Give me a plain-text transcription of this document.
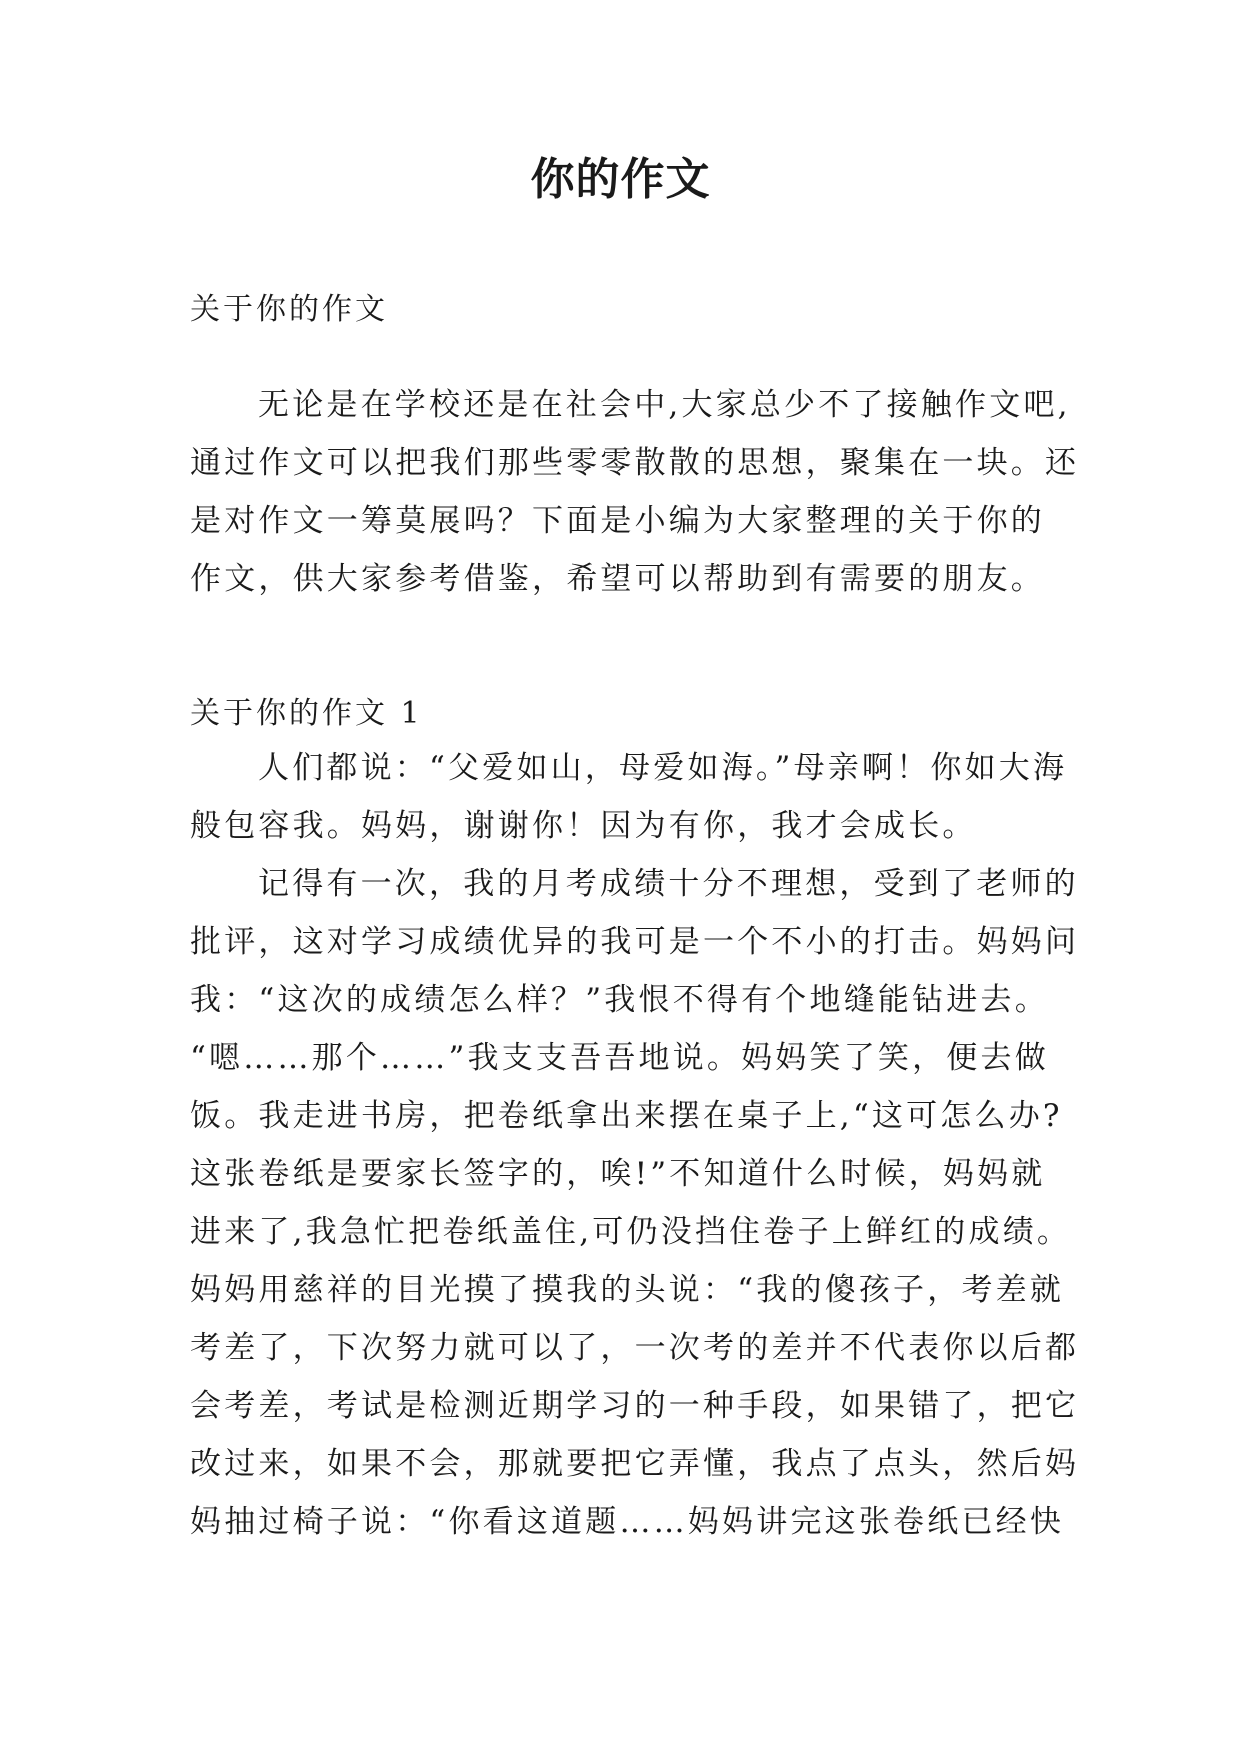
你的作文
关于你的作文
无论是在学校还是在社会中,大家总少不了接触作文吧,
通过作文可以把我们那些零零散散的思想，聚集在一块。还
是对作文一筹莫展吗？下面是小编为大家整理的关于你的
作文，供大家参考借鉴，希望可以帮助到有需要的朋友。
关于你的作文 1
人们都说：“父爱如山，母爱如海。”母亲啊！你如大海
般包容我。妈妈，谢谢你！因为有你，我才会成长。
记得有一次，我的月考成绩十分不理想，受到了老师的
批评，这对学习成绩优异的我可是一个不小的打击。妈妈问
我：“这次的成绩怎么样？”我恨不得有个地缝能钻进去。
“嗯……那个……”我支支吾吾地说。妈妈笑了笑，便去做
饭。我走进书房，把卷纸拿出来摆在桌子上,“这可怎么办?
这张卷纸是要家长签字的，唉!”不知道什么时候，妈妈就
进来了,我急忙把卷纸盖住,可仍没挡住卷子上鲜红的成绩。
妈妈用慈祥的目光摸了摸我的头说：“我的傻孩子，考差就
考差了，下次努力就可以了，一次考的差并不代表你以后都
会考差，考试是检测近期学习的一种手段，如果错了，把它
改过来，如果不会，那就要把它弄懂，我点了点头，然后妈
妈抽过椅子说：“你看这道题……妈妈讲完这张卷纸已经快
